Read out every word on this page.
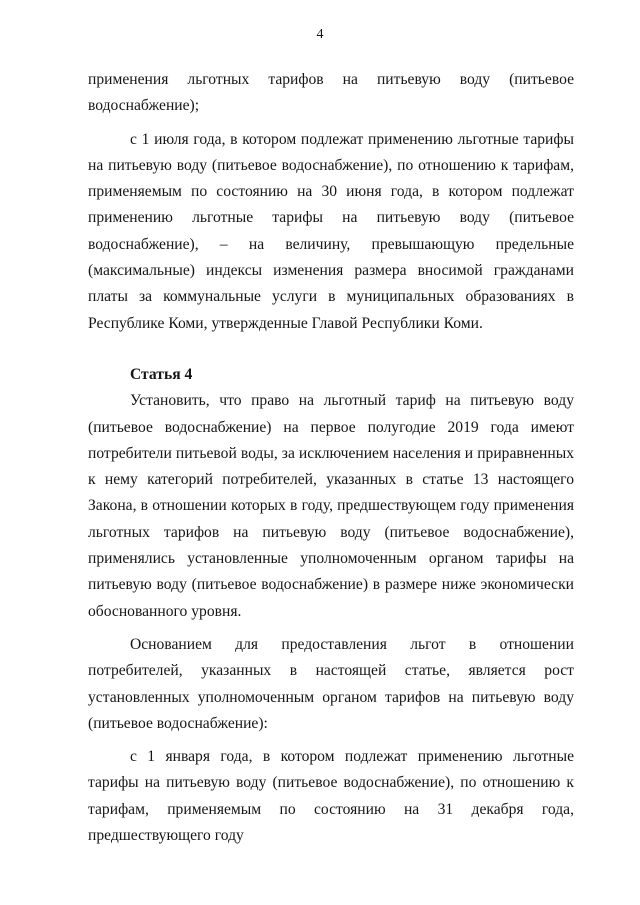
4

применения льготных тарифов на питьевую воду (питьевое водоснабжение);

с 1 июля года, в котором подлежат применению льготные тарифы на питьевую воду (питьевое водоснабжение), по отношению к тарифам, применяемым по состоянию на 30 июня года, в котором подлежат применению льготные тарифы на питьевую воду (питьевое водоснабжение), – на величину, превышающую предельные (максимальные) индексы изменения размера вносимой гражданами платы за коммунальные услуги в муниципальных образованиях в Республике Коми, утвержденные Главой Республики Коми.

Статья 4

Установить, что право на льготный тариф на питьевую воду (питьевое водоснабжение) на первое полугодие 2019 года имеют потребители питьевой воды, за исключением населения и приравненных к нему категорий потребителей, указанных в статье 13 настоящего Закона, в отношении которых в году, предшествующем году применения льготных тарифов на питьевую воду (питьевое водоснабжение), применялись установленные уполномоченным органом тарифы на питьевую воду (питьевое водоснабжение) в размере ниже экономически обоснованного уровня.

Основанием для предоставления льгот в отношении потребителей, указанных в настоящей статье, является рост установленных уполномоченным органом тарифов на питьевую воду (питьевое водоснабжение):

с 1 января года, в котором подлежат применению льготные тарифы на питьевую воду (питьевое водоснабжение), по отношению к тарифам, применяемым по состоянию на 31 декабря года, предшествующего году
